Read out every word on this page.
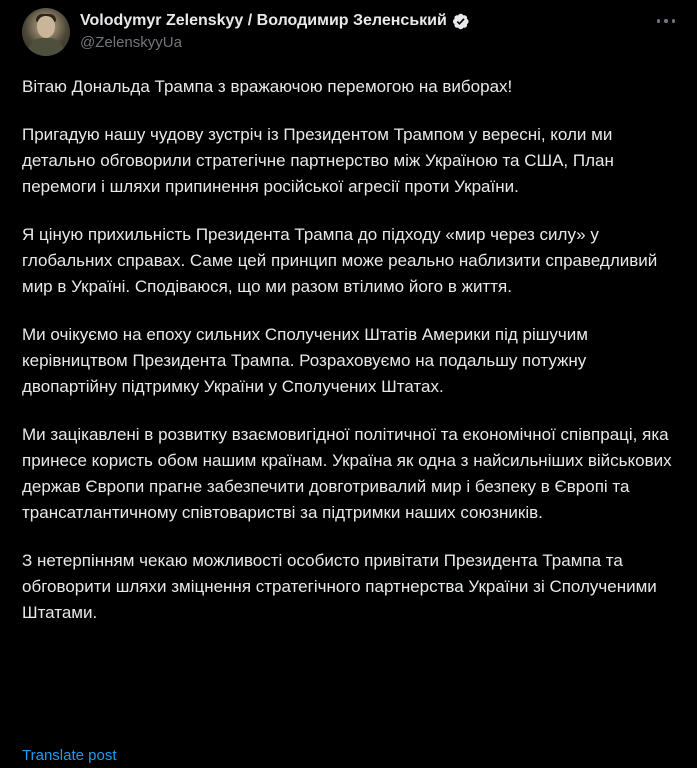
Volodymyr Zelenskyy / Володимир Зеленський
@ZelenskyyUa

Вітаю Дональда Трампа з вражаючою перемогою на виборах!

Пригадую нашу чудову зустріч із Президентом Трампом у вересні, коли ми детально обговорили стратегічне партнерство між Україною та США, План перемоги і шляхи припинення російської агресії проти України.

Я ціную прихильність Президента Трампа до підходу «мир через силу» у глобальних справах. Саме цей принцип може реально наблизити справедливий мир в Україні. Сподіваюся, що ми разом втілимо його в життя.

Ми очікуємо на епоху сильних Сполучених Штатів Америки під рішучим керівництвом Президента Трампа. Розраховуємо на подальшу потужну двопартійну підтримку України у Сполучених Штатах.

Ми зацікавлені в розвитку взаємовигідної політичної та економічної співпраці, яка принесе користь обом нашим країнам. Україна як одна з найсильніших військових держав Європи прагне забезпечити довготривалий мир і безпеку в Європі та трансатлантичному співтоваристві за підтримки наших союзників.

З нетерпінням чекаю можливості особисто привітати Президента Трампа та обговорити шляхи зміцнення стратегічного партнерства України зі Сполученими Штатами.

Translate post
